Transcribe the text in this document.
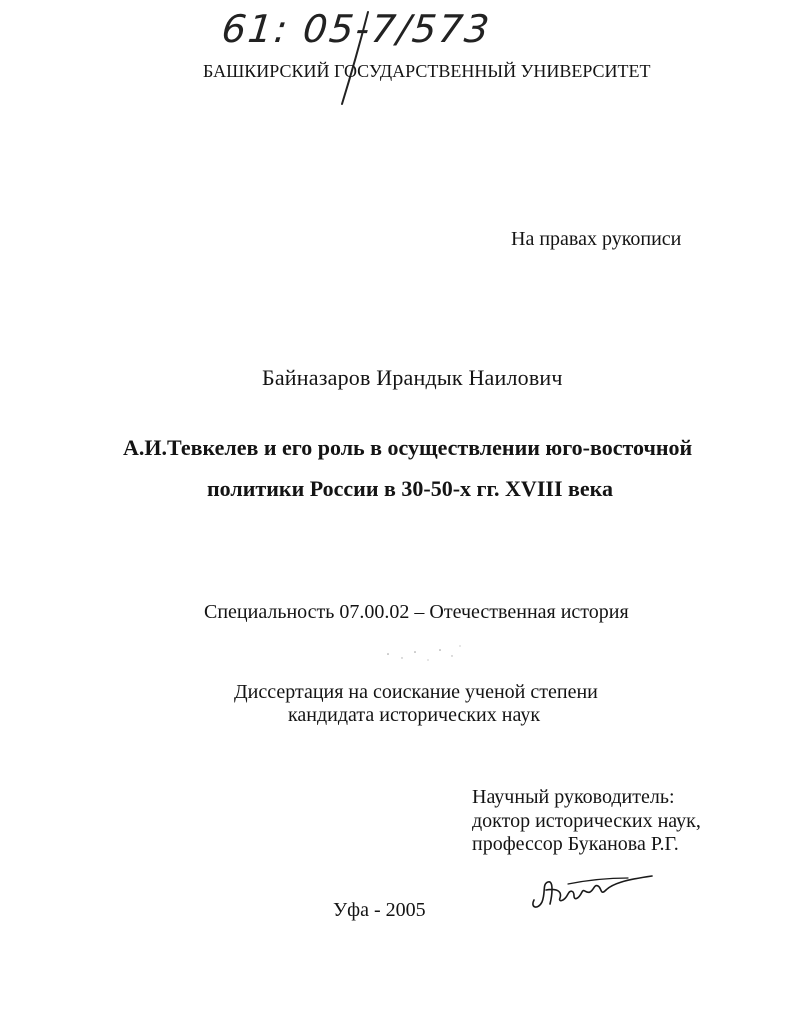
61: 05-7/573
БАШКИРСКИЙ ГОСУДАРСТВЕННЫЙ УНИВЕРСИТЕТ
На правах рукописи
Байназаров Ирандык Наилович
А.И.Тевкелев и его роль в осуществлении юго-восточной
политики России в 30-50-х гг. XVIII века
Специальность 07.00.02 – Отечественная история
Диссертация на соискание ученой степени
кандидата исторических наук
Научный руководитель:
доктор исторических наук,
профессор Буканова Р.Г.
Уфа - 2005
